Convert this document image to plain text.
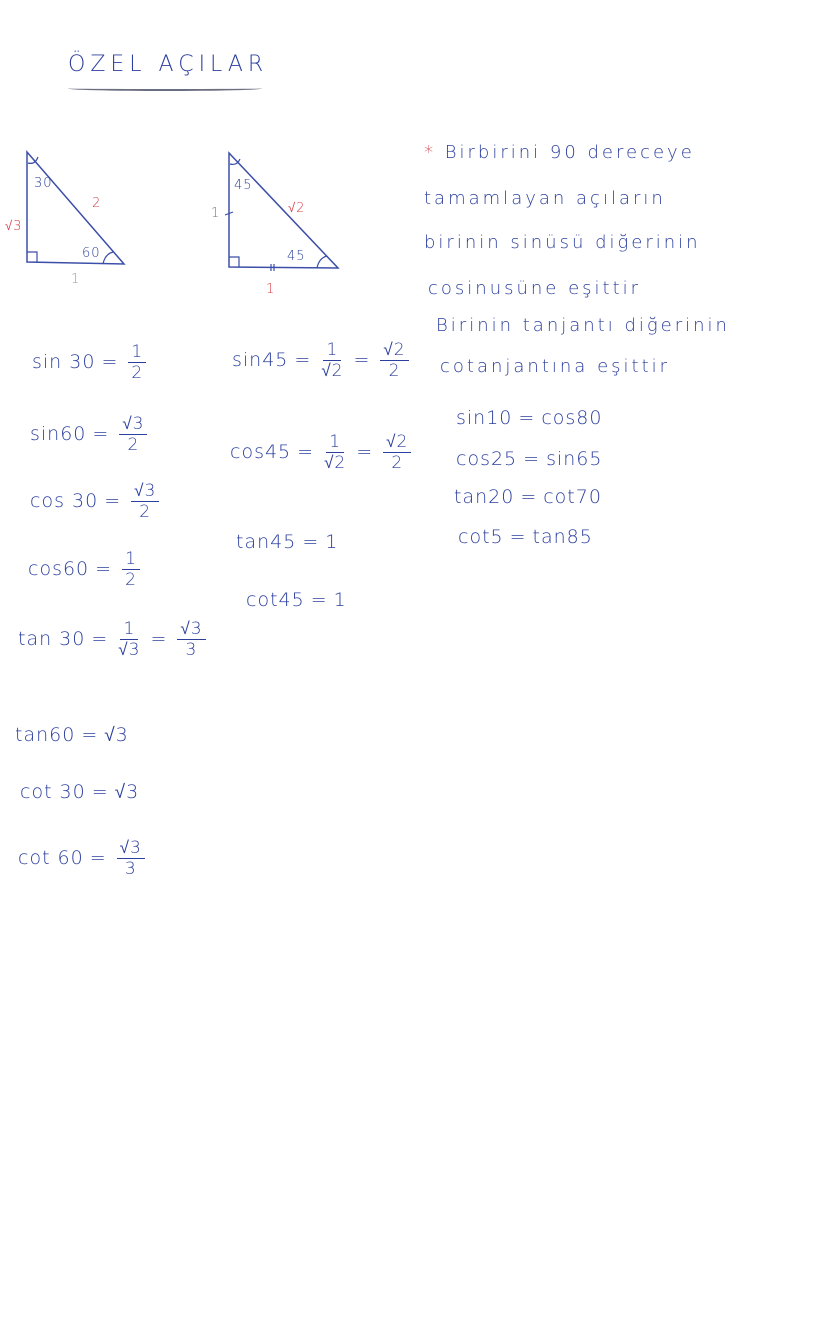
ÖZEL AÇILAR
30
2
√3
60
1
45
√2
1
45
1
$\sin 30 = \frac{1}{2}$
$\sin 60 = \frac{√3}{2}$
$\cos 30 = \frac{√3}{2}$
$\cos 60 = \frac{1}{2}$
$\tan 30 = \frac{1}{√3} = \frac{√3}{3}$
tan60 = √3
cot 30 = √3
$\cot 60 = \frac{√3}{3}$
$\sin 45 = \frac{1}{√2} = \frac{√2}{2}$
$\cos 45 = \frac{1}{√2} = \frac{√2}{2}$
tan45 = 1
cot45 = 1
* Birbirini 90 dereceye
tamamlayan açıların
birinin sinüsü diğerinin
cosinusüne eşittir
Birinin tanjantı diğerinin
cotanjantına eşittir
sin10 = cos80
cos25 = sin65
tan20 = cot70
cot5 = tan85
